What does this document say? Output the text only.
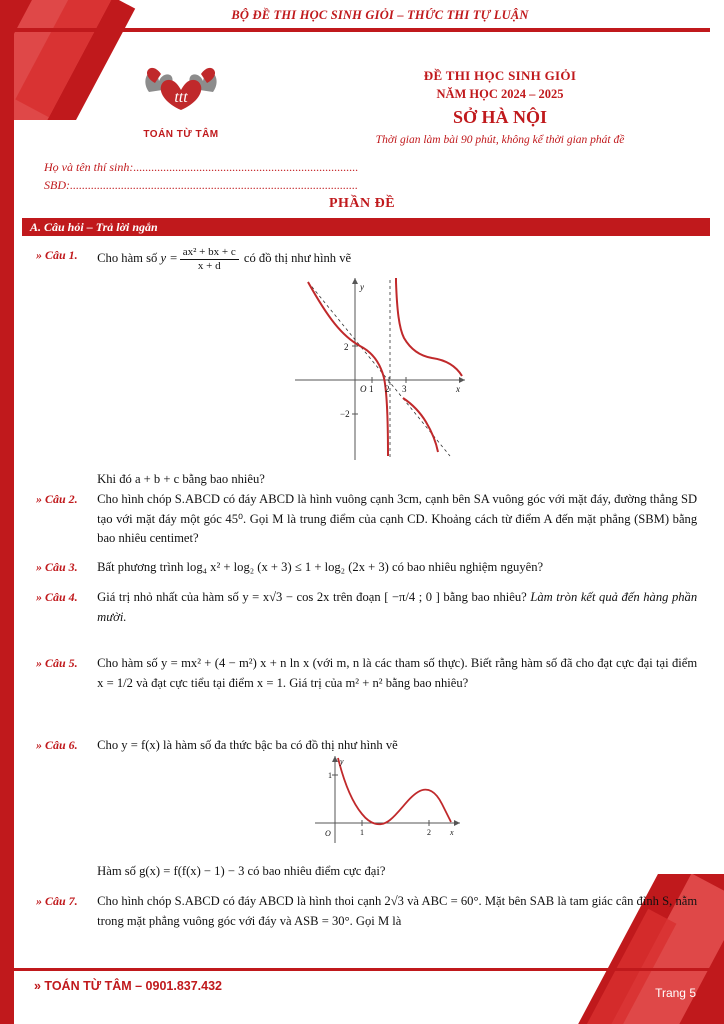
BỘ ĐỀ THI HỌC SINH GIỎI – THỨC THI TỰ LUẬN
» TOÁN TỪ TÂM – 0901.837.432	Trang 5
ttt
TOÁN TỪ TÂM
ĐỀ THI HỌC SINH GIỎI
NĂM HỌC 2024 – 2025
SỞ HÀ NỘI
Thời gian làm bài 90 phút, không kể thời gian phát đề
Họ và tên thí sinh:...........................................................................
SBD:................................................................................................
PHẦN ĐỀ
A. Câu hỏi – Trả lời ngắn
» Câu 1. Cho hàm số $y = \frac{\text{ax² + bx + c}}{x + d}$ có đồ thị như hình vẽ
O
y
x
2
−2
1 2 3
Khi đó a + b + c bằng bao nhiêu?
» Câu 2. Cho hình chóp S.ABCD có đáy ABCD là hình vuông cạnh 3cm, cạnh bên SA vuông góc với mặt đáy, đường thẳng SD tạo với mặt đáy một góc 45⁰. Gọi M là trung điểm của cạnh CD. Khoảng cách từ điểm A đến mặt phẳng (SBM) bằng bao nhiêu centimet?
» Câu 3. Bất phương trình log₄ x² + log₂ (x + 3) ≤ 1 + log₂ (2x + 3) có bao nhiêu nghiệm nguyên?
» Câu 4. Giá trị nhỏ nhất của hàm số y = x√3 − cos 2x trên đoạn [ −π/4 ; 0 ] bằng bao nhiêu? Làm tròn kết quả đến hàng phần mười.
» Câu 5. Cho hàm số y = mx² + (4 − m²) x + n ln x (với m, n là các tham số thực). Biết rằng hàm số đã cho đạt cực đại tại điểm x = 1/2 và đạt cực tiểu tại điểm x = 1. Giá trị của m² + n² bằng bao nhiêu?
» Câu 6. Cho y = f(x) là hàm số đa thức bậc ba có đồ thị như hình vẽ
O
y
x
1
1	2
Hàm số g(x) = f(f(x) − 1) − 3 có bao nhiêu điểm cực đại?
» Câu 7. Cho hình chóp S.ABCD có đáy ABCD là hình thoi cạnh 2√3 và ABC = 60°. Mặt bên SAB là tam giác cân đỉnh S, nằm trong mặt phẳng vuông góc với đáy và ASB = 30°. Gọi M là
